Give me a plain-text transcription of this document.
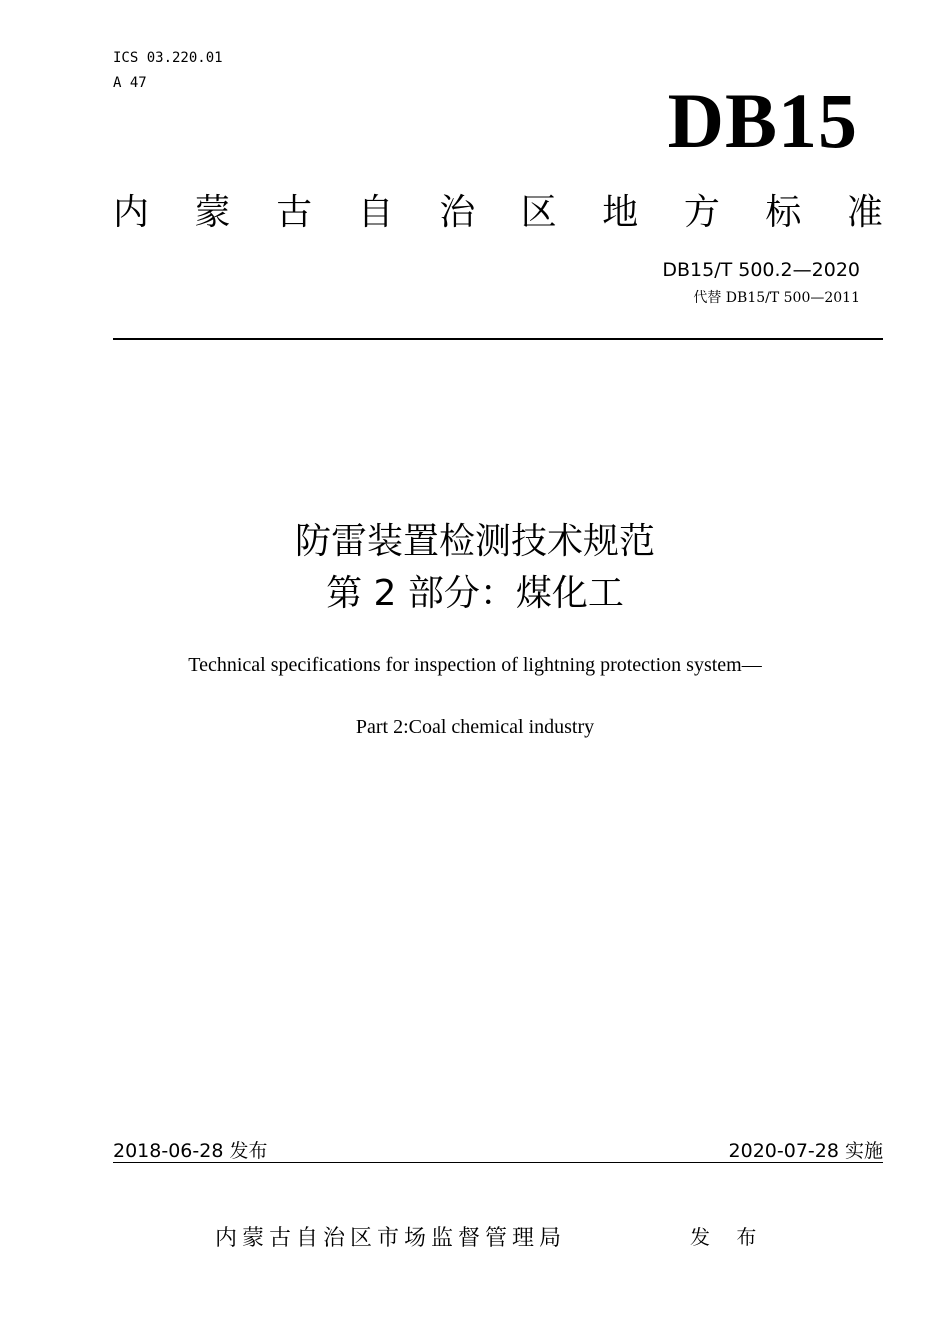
ICS 03.220.01
A 47	DB15
内 蒙 古 自 治 区 地 方 标 准
DB15/T 500.2—2020
代替 DB15/T 500—2011
防雷装置检测技术规范
第 2 部分：煤化工
Technical specifications for inspection of lightning protection system—
Part 2:Coal chemical industry
2018-06-28 发布	2020-07-28 实施
内蒙古自治区市场监督管理局	发 布
